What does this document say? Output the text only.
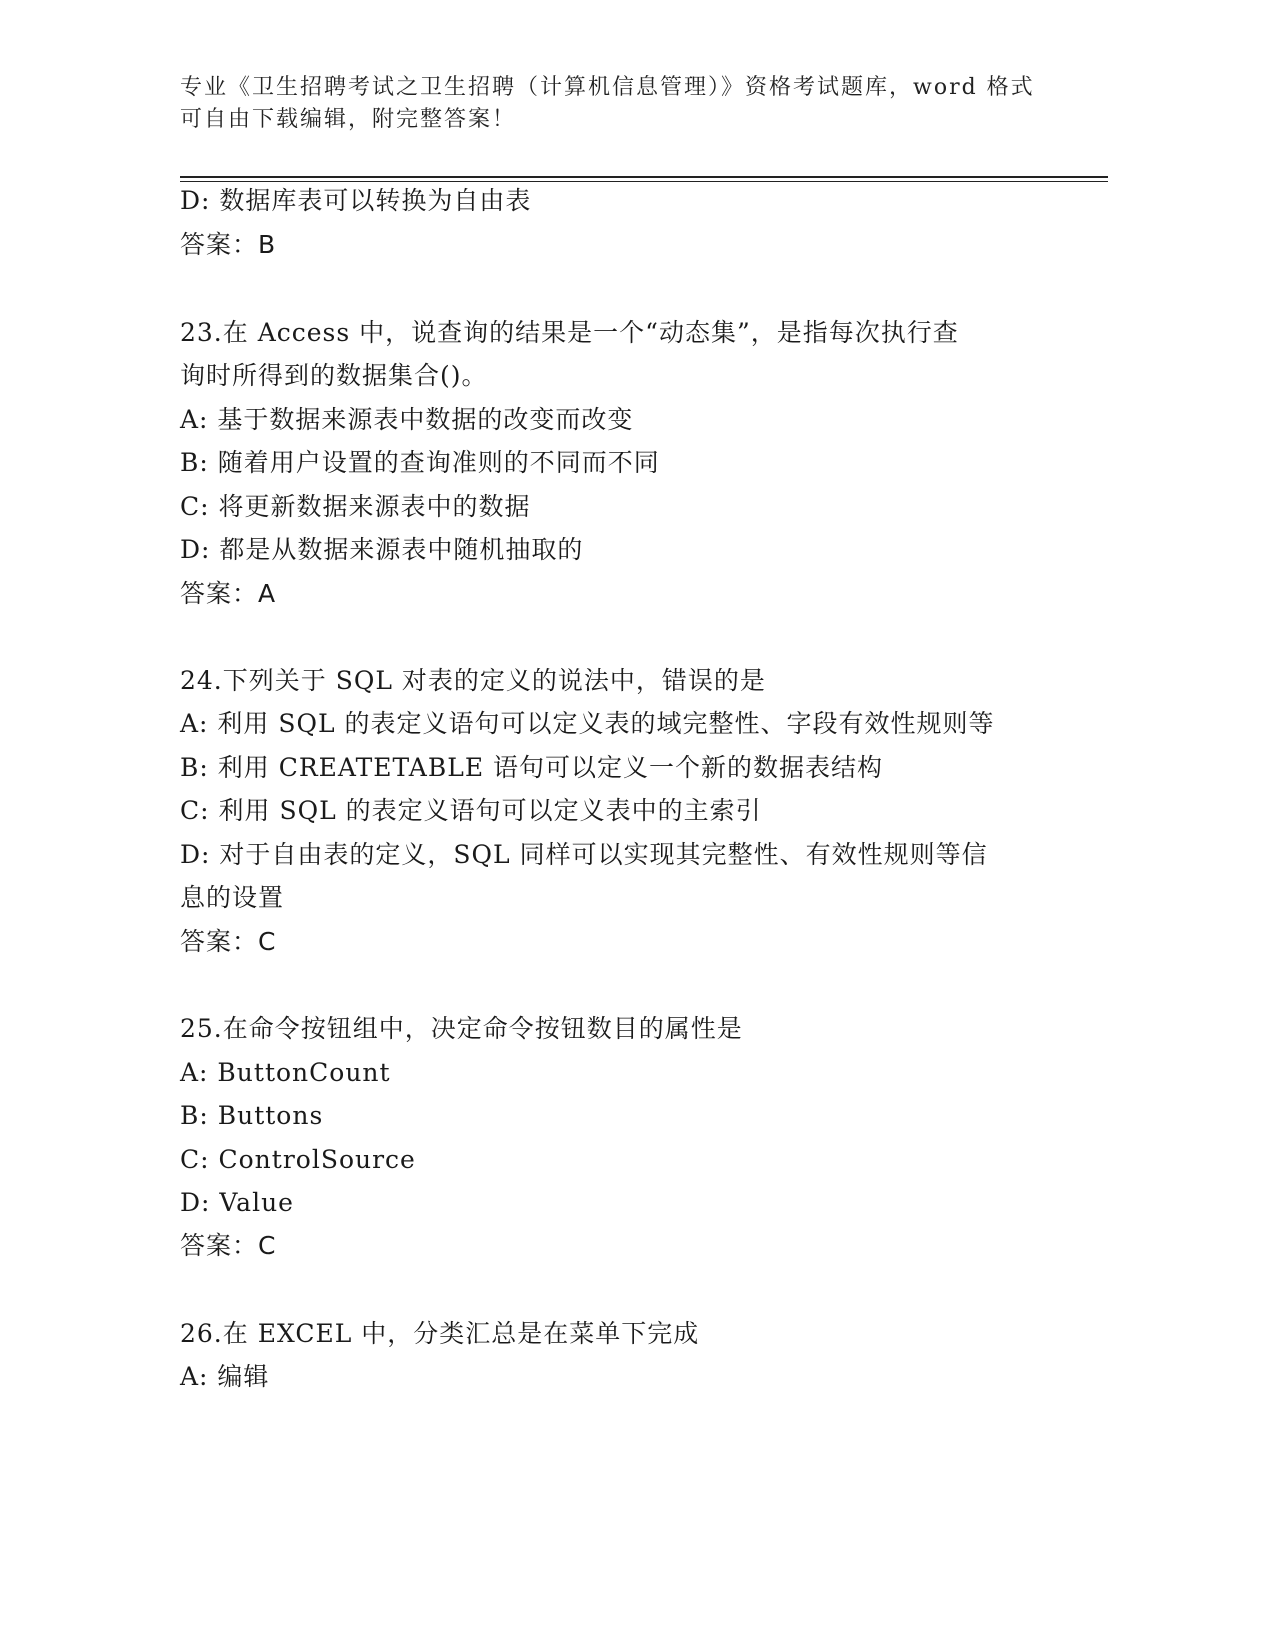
专业《卫生招聘考试之卫生招聘（计算机信息管理）》资格考试题库，word 格式
可自由下载编辑，附完整答案！
D: 数据库表可以转换为自由表
答案：B
23.在 Access 中，说查询的结果是一个“动态集”，是指每次执行查
询时所得到的数据集合()。
A: 基于数据来源表中数据的改变而改变
B: 随着用户设置的查询准则的不同而不同
C: 将更新数据来源表中的数据
D: 都是从数据来源表中随机抽取的
答案：A
24.下列关于 SQL 对表的定义的说法中，错误的是
A: 利用 SQL 的表定义语句可以定义表的域完整性、字段有效性规则等
B: 利用 CREATETABLE 语句可以定义一个新的数据表结构
C: 利用 SQL 的表定义语句可以定义表中的主索引
D: 对于自由表的定义，SQL 同样可以实现其完整性、有效性规则等信
息的设置
答案：C
25.在命令按钮组中，决定命令按钮数目的属性是
A: ButtonCount
B: Buttons
C: ControlSource
D: Value
答案：C
26.在 EXCEL 中，分类汇总是在菜单下完成
A: 编辑
